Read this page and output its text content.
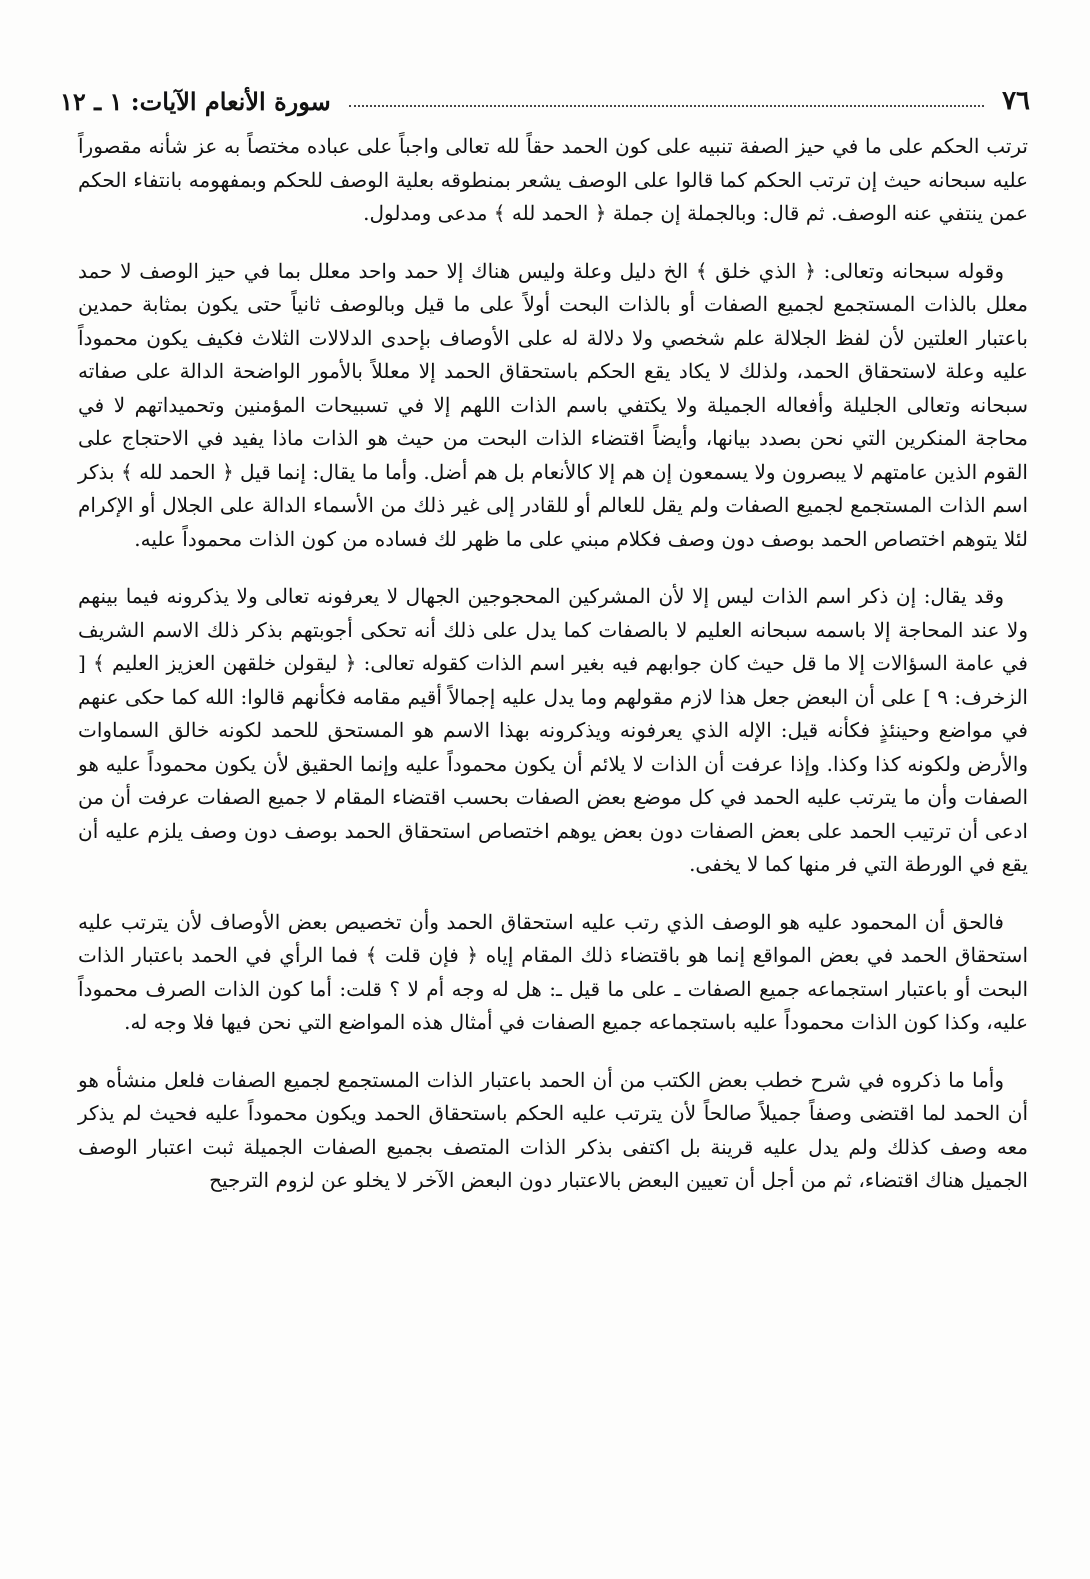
٧٦
سورة الأنعام الآيات: ١ ـ ١٢

ترتب الحكم على ما في حيز الصفة تنبيه على كون الحمد حقاً لله تعالى واجباً على عباده مختصاً به عز شأنه مقصوراً عليه سبحانه حيث إن ترتب الحكم كما قالوا على الوصف يشعر بمنطوقه بعلية الوصف للحكم وبمفهومه بانتفاء الحكم عمن ينتفي عنه الوصف. ثم قال: وبالجملة إن جملة ﴿ الحمد لله ﴾ مدعى ومدلول.

وقوله سبحانه وتعالى: ﴿ الذي خلق ﴾ الخ دليل وعلة وليس هناك إلا حمد واحد معلل بما في حيز الوصف لا حمد معلل بالذات المستجمع لجميع الصفات أو بالذات البحت أولاً على ما قيل وبالوصف ثانياً حتى يكون بمثابة حمدين باعتبار العلتين لأن لفظ الجلالة علم شخصي ولا دلالة له على الأوصاف بإحدى الدلالات الثلاث فكيف يكون محموداً عليه وعلة لاستحقاق الحمد، ولذلك لا يكاد يقع الحكم باستحقاق الحمد إلا معللاً بالأمور الواضحة الدالة على صفاته سبحانه وتعالى الجليلة وأفعاله الجميلة ولا يكتفي باسم الذات اللهم إلا في تسبيحات المؤمنين وتحميداتهم لا في محاجة المنكرين التي نحن بصدد بيانها، وأيضاً اقتضاء الذات البحت من حيث هو الذات ماذا يفيد في الاحتجاج على القوم الذين عامتهم لا يبصرون ولا يسمعون إن هم إلا كالأنعام بل هم أضل. وأما ما يقال: إنما قيل ﴿ الحمد لله ﴾ بذكر اسم الذات المستجمع لجميع الصفات ولم يقل للعالم أو للقادر إلى غير ذلك من الأسماء الدالة على الجلال أو الإكرام لئلا يتوهم اختصاص الحمد بوصف دون وصف فكلام مبني على ما ظهر لك فساده من كون الذات محموداً عليه.

وقد يقال: إن ذكر اسم الذات ليس إلا لأن المشركين المحجوجين الجهال لا يعرفونه تعالى ولا يذكرونه فيما بينهم ولا عند المحاجة إلا باسمه سبحانه العليم لا بالصفات كما يدل على ذلك أنه تحكى أجوبتهم بذكر ذلك الاسم الشريف في عامة السؤالات إلا ما قل حيث كان جوابهم فيه بغير اسم الذات كقوله تعالى: ﴿ ليقولن خلقهن العزيز العليم ﴾ [ الزخرف: ٩ ] على أن البعض جعل هذا لازم مقولهم وما يدل عليه إجمالاً أقيم مقامه فكأنهم قالوا: الله كما حكى عنهم في مواضع وحينئذٍ فكأنه قيل: الإله الذي يعرفونه ويذكرونه بهذا الاسم هو المستحق للحمد لكونه خالق السماوات والأرض ولكونه كذا وكذا. وإذا عرفت أن الذات لا يلائم أن يكون محموداً عليه وإنما الحقيق لأن يكون محموداً عليه هو الصفات وأن ما يترتب عليه الحمد في كل موضع بعض الصفات بحسب اقتضاء المقام لا جميع الصفات عرفت أن من ادعى أن ترتيب الحمد على بعض الصفات دون بعض يوهم اختصاص استحقاق الحمد بوصف دون وصف يلزم عليه أن يقع في الورطة التي فر منها كما لا يخفى.

فالحق أن المحمود عليه هو الوصف الذي رتب عليه استحقاق الحمد وأن تخصيص بعض الأوصاف لأن يترتب عليه استحقاق الحمد في بعض المواقع إنما هو باقتضاء ذلك المقام إياه ﴿ فإن قلت ﴾ فما الرأي في الحمد باعتبار الذات البحت أو باعتبار استجماعه جميع الصفات ـ على ما قيل ـ: هل له وجه أم لا ؟ قلت: أما كون الذات الصرف محموداً عليه، وكذا كون الذات محموداً عليه باستجماعه جميع الصفات في أمثال هذه المواضع التي نحن فيها فلا وجه له.

وأما ما ذكروه في شرح خطب بعض الكتب من أن الحمد باعتبار الذات المستجمع لجميع الصفات فلعل منشأه هو أن الحمد لما اقتضى وصفاً جميلاً صالحاً لأن يترتب عليه الحكم باستحقاق الحمد ويكون محموداً عليه فحيث لم يذكر معه وصف كذلك ولم يدل عليه قرينة بل اكتفى بذكر الذات المتصف بجميع الصفات الجميلة ثبت اعتبار الوصف الجميل هناك اقتضاء، ثم من أجل أن تعيين البعض بالاعتبار دون البعض الآخر لا يخلو عن لزوم الترجيح
